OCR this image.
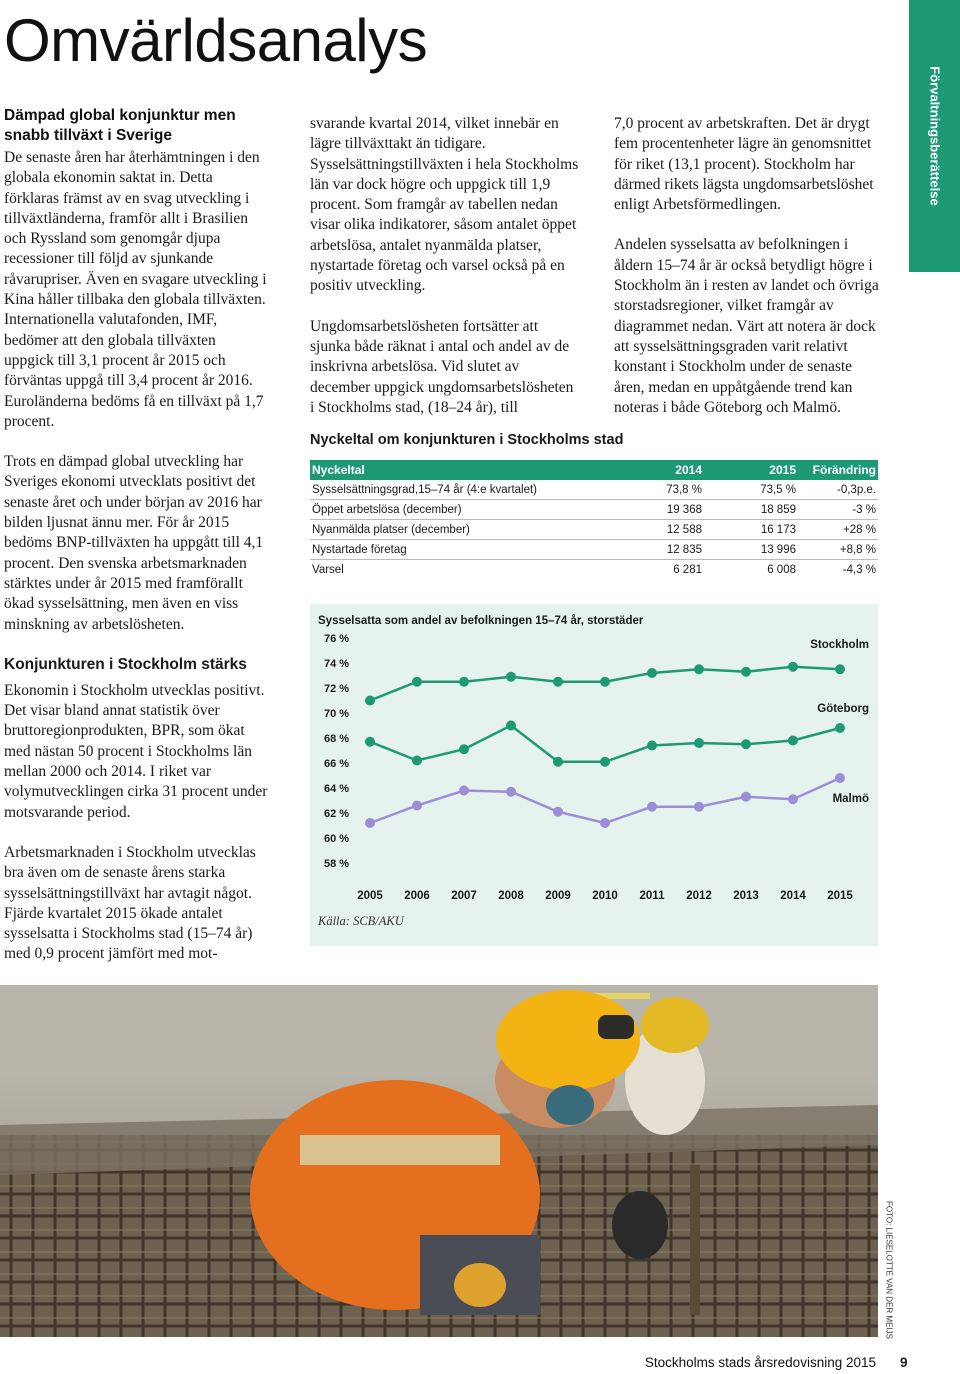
Omvärldsanalys
Förvaltningsberättelse
Dämpad global konjunktur men snabb tillväxt i Sverige

De senaste åren har återhämtningen i den globala ekonomin saktat in. Detta förklaras främst av en svag utveckling i tillväxtländerna, framför allt i Brasilien och Ryssland som genomgår djupa recessioner till följd av sjunkande råvarupriser. Även en svagare utveckling i Kina håller tillbaka den globala tillväxten. Internationella valutafonden, IMF, bedömer att den globala tillväxten uppgick till 3,1 procent år 2015 och förväntas uppgå till 3,4 procent år 2016. Euroländerna bedöms få en tillväxt på 1,7 procent.

Trots en dämpad global utveckling har Sveriges ekonomi utvecklats positivt det senaste året och under början av 2016 har bilden ljusnat ännu mer. För år 2015 bedöms BNP-tillväxten ha uppgått till 4,1 procent. Den svenska arbetsmarknaden stärktes under år 2015 med framförallt ökad sysselsättning, men även en viss minskning av arbetslösheten.

Konjunkturen i Stockholm stärks

Ekonomin i Stockholm utvecklas positivt. Det visar bland annat statistik över bruttoregionprodukten, BPR, som ökat med nästan 50 procent i Stockholms län mellan 2000 och 2014. I riket var volymutvecklingen cirka 31 procent under motsvarande period.

Arbetsmarknaden i Stockholm utvecklas bra även om de senaste årens starka sysselsättningstillväxt har avtagit något. Fjärde kvartalet 2015 ökade antalet sysselsatta i Stockholms stad (15–74 år) med 0,9 procent jämfört med mot-

svarande kvartal 2014, vilket innebär en lägre tillväxttakt än tidigare. Sysselsättningstillväxten i hela Stockholms län var dock högre och uppgick till 1,9 procent. Som framgår av tabellen nedan visar olika indikatorer, såsom antalet öppet arbetslösa, antalet nyanmälda platser, nystartade företag och varsel också på en positiv utveckling.

Ungdomsarbetslösheten fortsätter att sjunka både räknat i antal och andel av de inskrivna arbetslösa. Vid slutet av december uppgick ungdomsarbetslösheten i Stockholms stad, (18–24 år), till

7,0 procent av arbetskraften. Det är drygt fem procentenheter lägre än genomsnittet för riket (13,1 procent). Stockholm har därmed rikets lägsta ungdomsarbetslöshet enligt Arbetsförmedlingen.

Andelen sysselsatta av befolkningen i åldern 15–74 år är också betydligt högre i Stockholm än i resten av landet och övriga storstadsregioner, vilket framgår av diagrammet nedan. Värt att notera är dock att sysselsättningsgraden varit relativt konstant i Stockholm under de senaste åren, medan en uppåtgående trend kan noteras i både Göteborg och Malmö.

Nyckeltal om konjunkturen i Stockholms stad
Nyckeltal	2014	2015	Förändring
Sysselsättningsgrad,15–74 år (4:e kvartalet)	73,8 %	73,5 %	-0,3p.e.
Öppet arbetslösa (december)	19 368	18 859	-3 %
Nyanmälda platser (december)	12 588	16 173	+28 %
Nystartade företag	12 835	13 996	+8,8 %
Varsel	6 281	6 008	-4,3 %
Sysselsatta som andel av befolkningen 15–74 år, storstäder
76 %
74 %
72 %
70 %
68 %
66 %
64 %
62 %
60 %
58 %
2005 2006 2007 2008 2009 2010 2011 2012 2013 2014 2015
Stockholm
Göteborg
Malmö
Källa: SCB/AKU
FOTO: LIESELOTTE VAN DER MEIJS
Stockholms stads årsredovisning 2015 9
